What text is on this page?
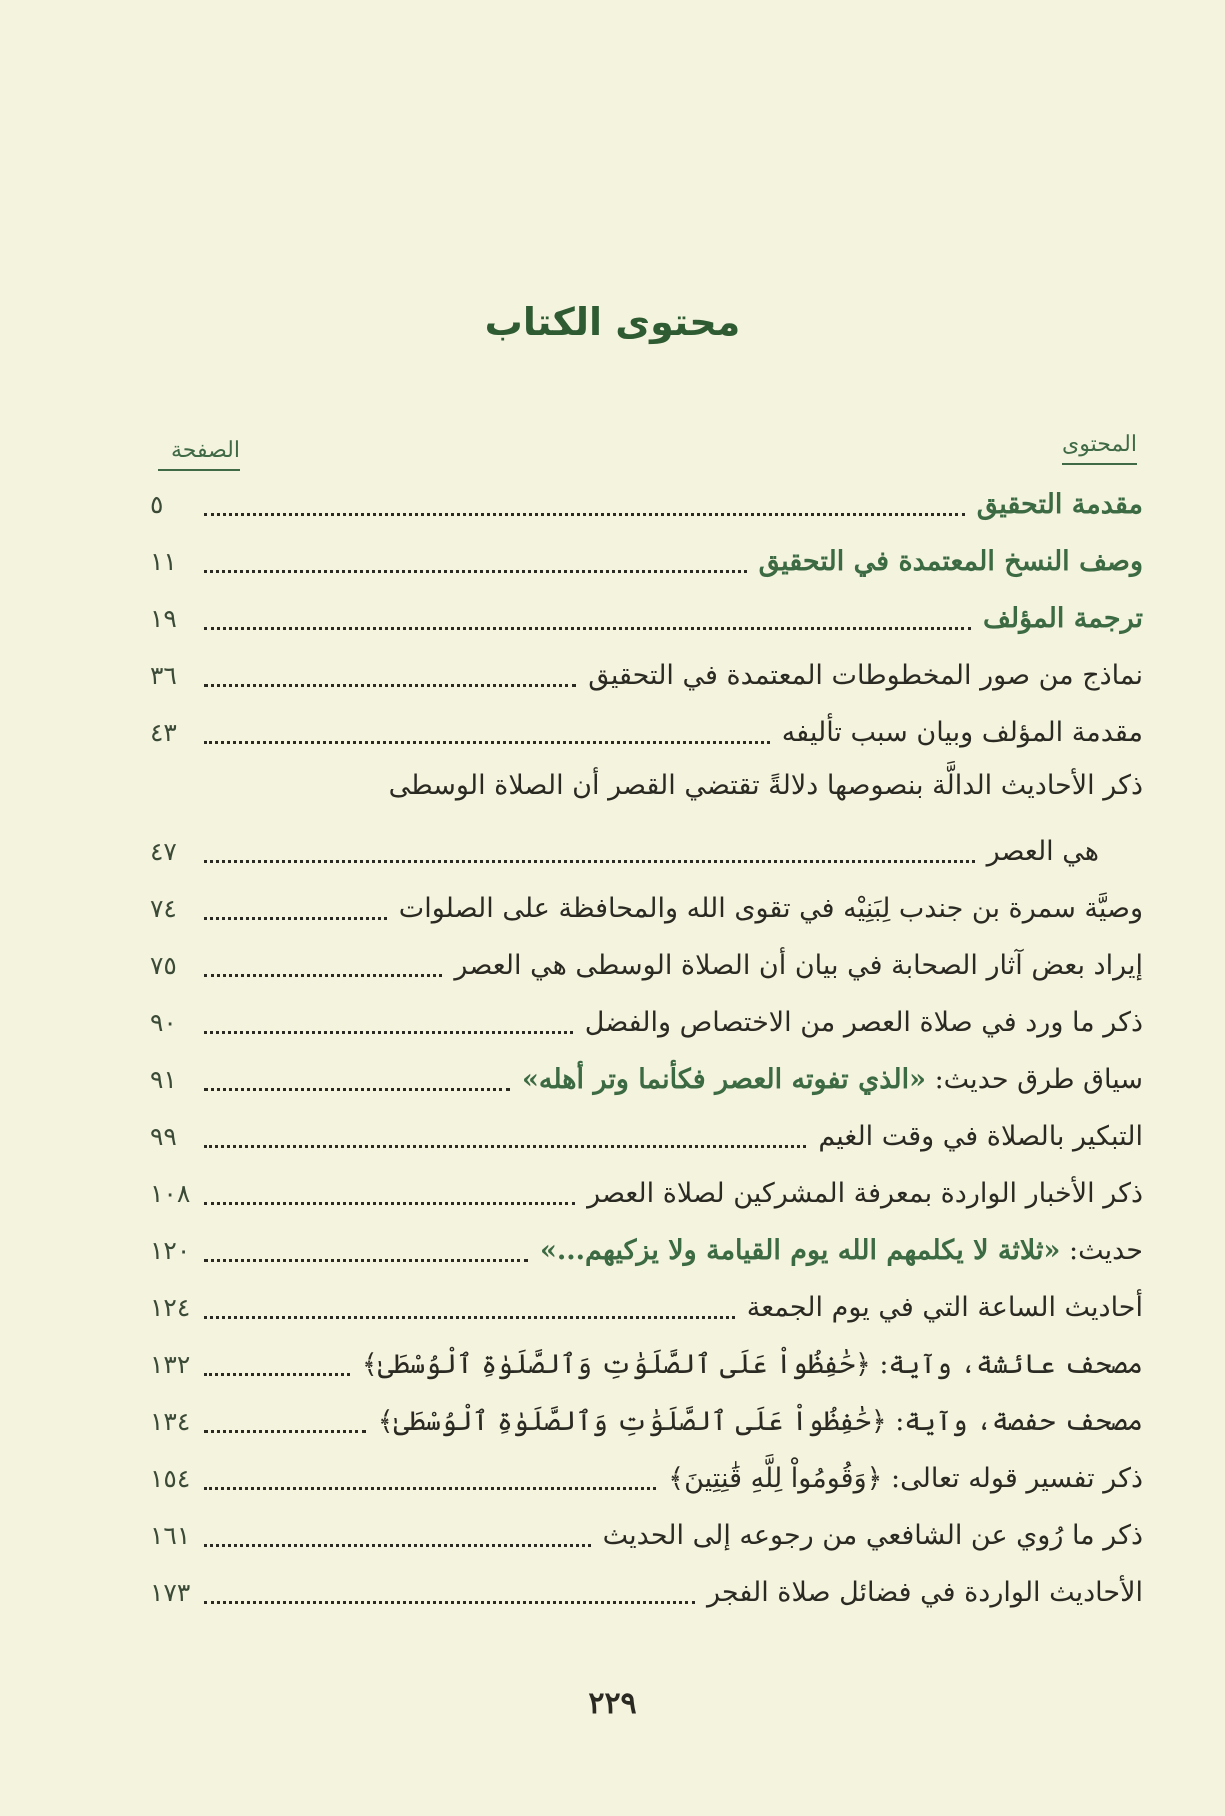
محتوى الكتاب
المحتوى
الصفحة
مقدمة التحقيق
٥
وصف النسخ المعتمدة في التحقيق
١١
ترجمة المؤلف
١٩
نماذج من صور المخطوطات المعتمدة في التحقيق
٣٦
مقدمة المؤلف وبيان سبب تأليفه
٤٣
ذكر الأحاديث الدالَّة بنصوصها دلالةً تقتضي القصر أن الصلاة الوسطى
هي العصر
٤٧
وصيَّة سمرة بن جندب لِبَنِيْه في تقوى الله والمحافظة على الصلوات
٧٤
إيراد بعض آثار الصحابة في بيان أن الصلاة الوسطى هي العصر
٧٥
ذكر ما ورد في صلاة العصر من الاختصاص والفضل
٩٠
سياق طرق حديث: «الذي تفوته العصر فكأنما وتر أهله»
٩١
التبكير بالصلاة في وقت الغيم
٩٩
ذكر الأخبار الواردة بمعرفة المشركين لصلاة العصر
١٠٨
حديث: «ثلاثة لا يكلمهم الله يوم القيامة ولا يزكيهم...»
١٢٠
أحاديث الساعة التي في يوم الجمعة
١٢٤
مصحف عائشة، وآية: ﴿حَٰفِظُواْ عَلَى ٱلصَّلَوَٰتِ وَٱلصَّلَوٰةِ ٱلْوُسْطَىٰ﴾
١٣٢
مصحف حفصة، وآية: ﴿حَٰفِظُواْ عَلَى ٱلصَّلَوَٰتِ وَٱلصَّلَوٰةِ ٱلْوُسْطَىٰ﴾
١٣٤
ذكر تفسير قوله تعالى: ﴿وَقُومُواْ لِلَّهِ قَٰنِتِينَ﴾
١٥٤
ذكر ما رُوي عن الشافعي من رجوعه إلى الحديث
١٦١
الأحاديث الواردة في فضائل صلاة الفجر
١٧٣
٢٢٩
